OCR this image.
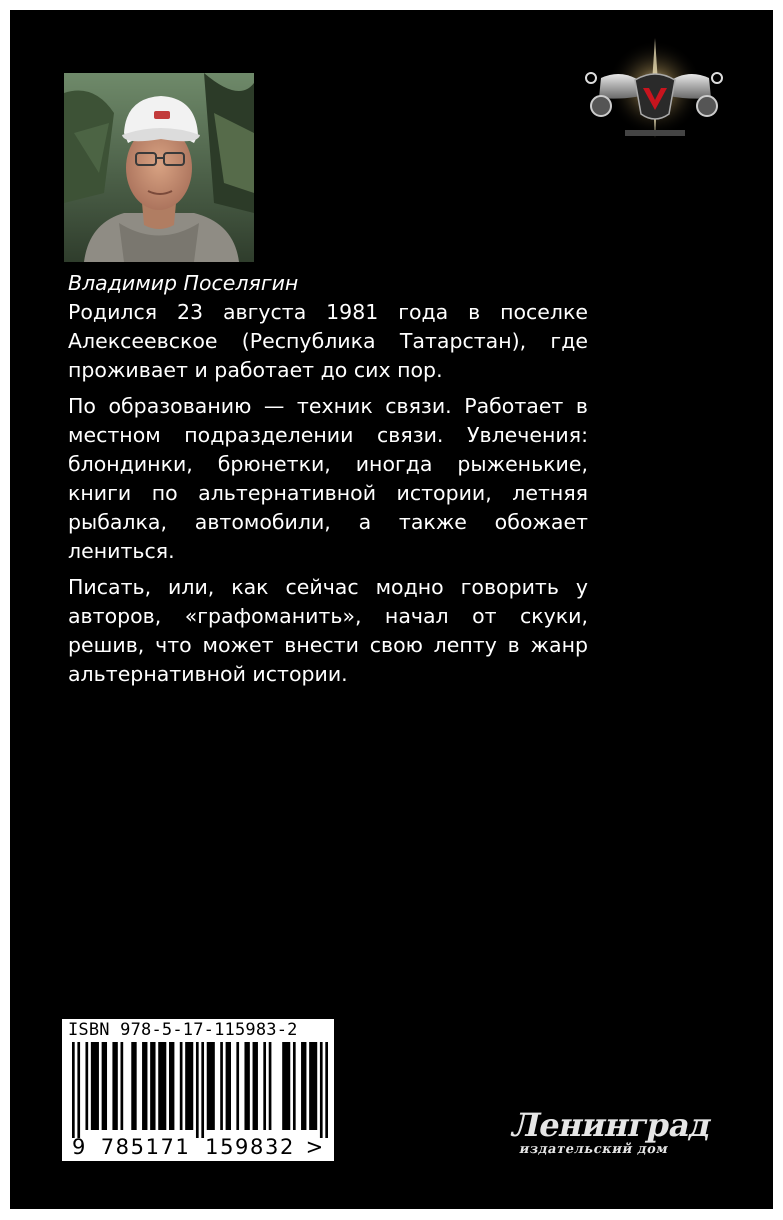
Владимир Поселягин

Родился 23 августа 1981 года в поселке Алексеевское (Республика Татарстан), где проживает и работает до сих пор.

По образованию — техник связи. Работает в местном подразделении связи. Увлечения: блондинки, брюнетки, иногда рыженькие, книги по альтернативной истории, летняя рыбалка, автомобили, а также обожает лениться.

Писать, или, как сейчас модно говорить у авторов, «графоманить», начал от скуки, решив, что может внести свою лепту в жанр альтернативной истории.

ISBN 978-5-17-115983-2
9 785171 159832 >
Ленинград
издательский дом
